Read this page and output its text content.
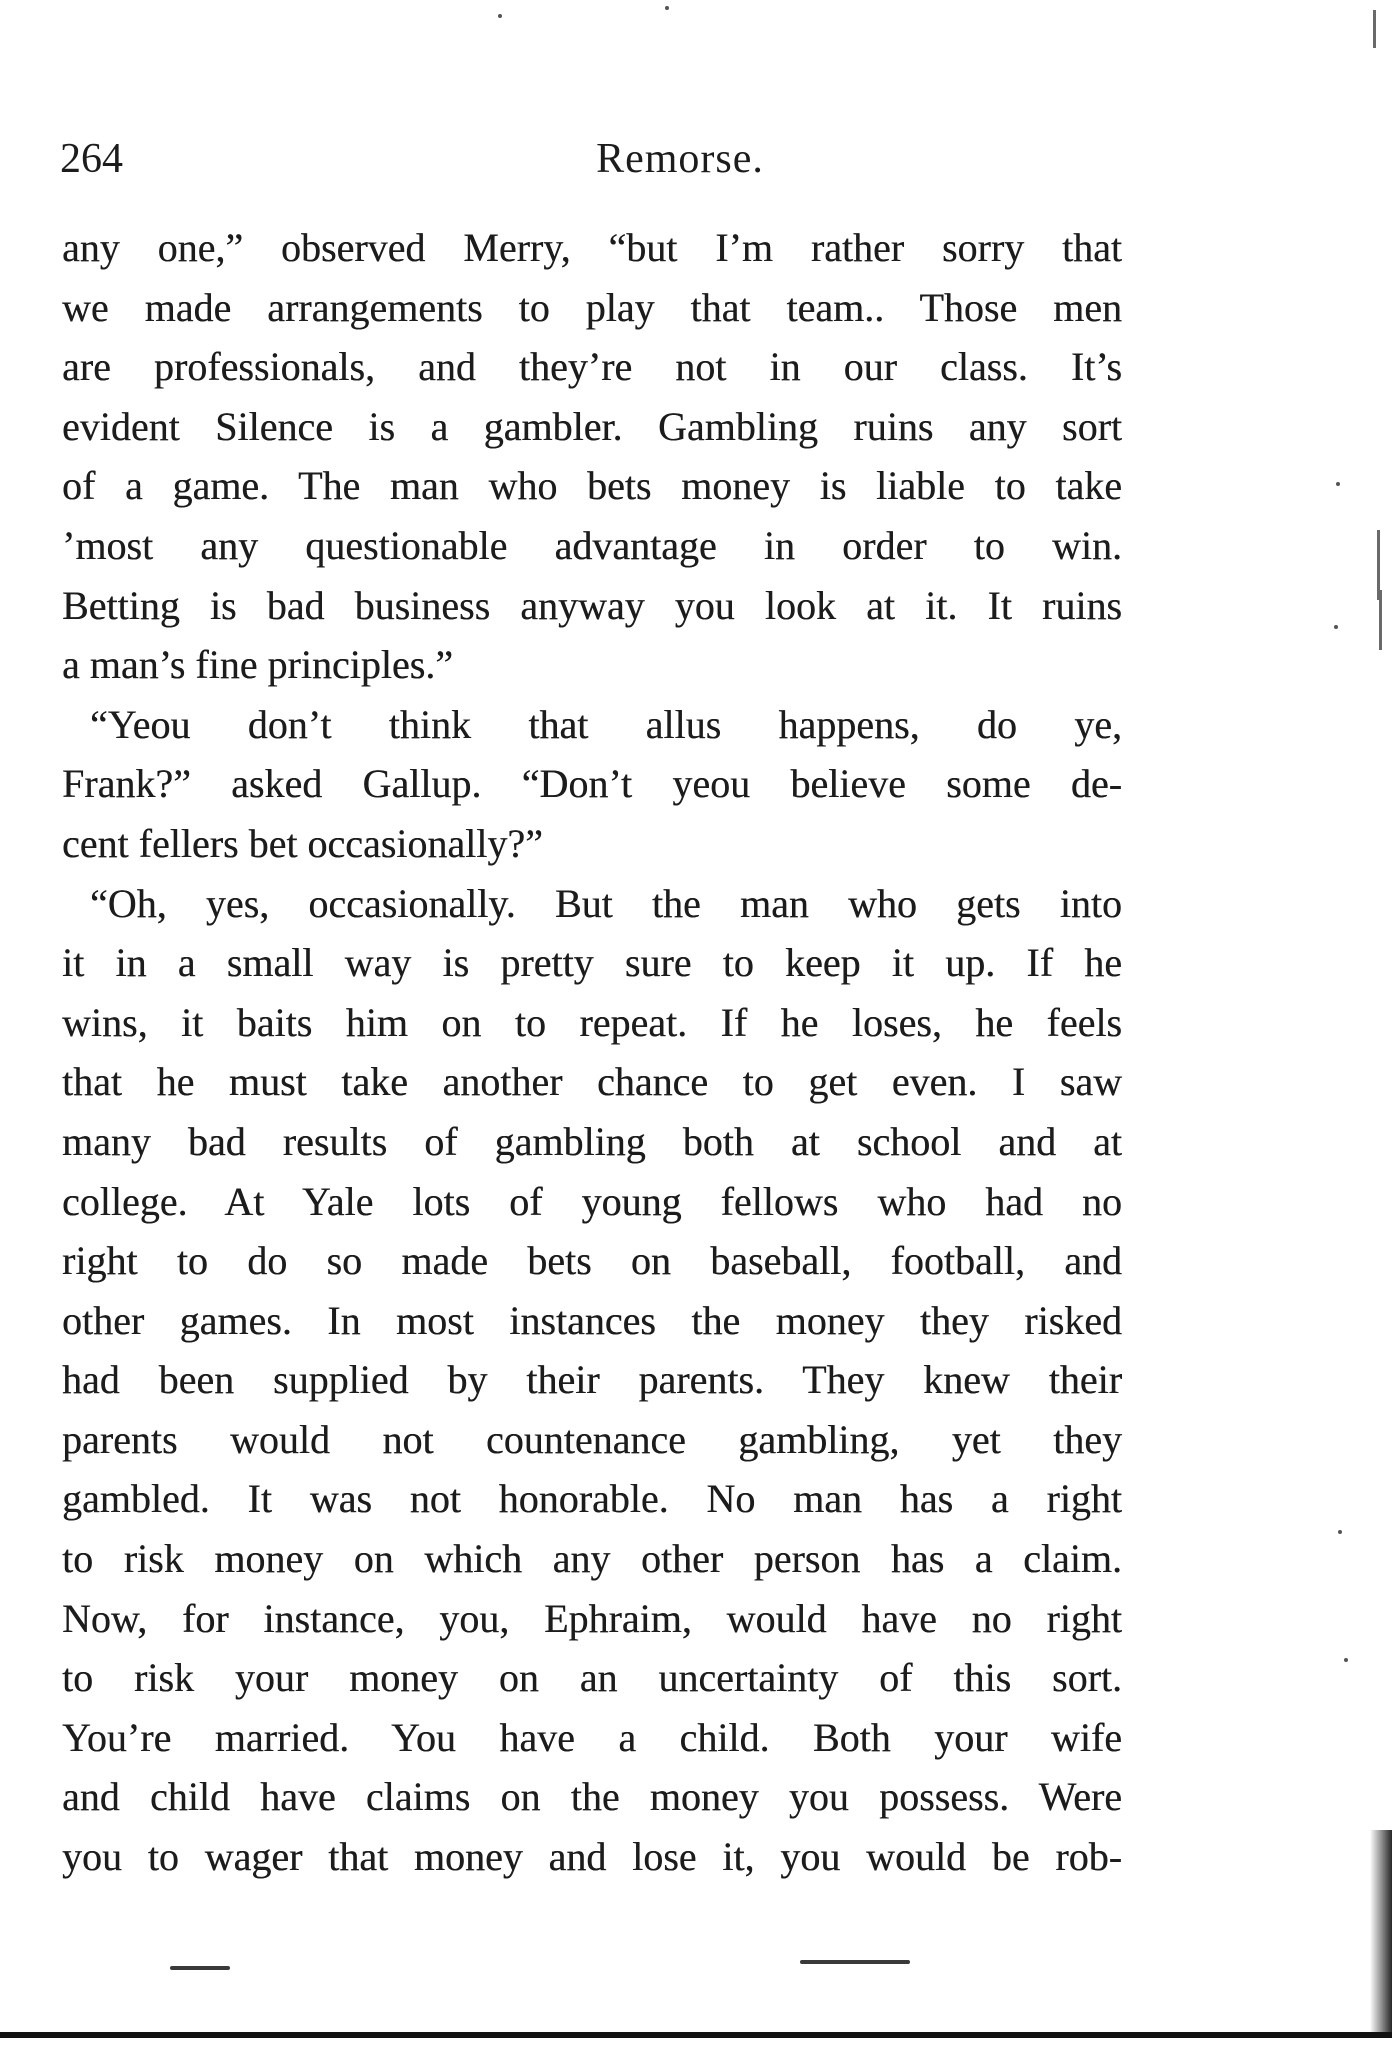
264	Remorse.
any one,” observed Merry, “but I’m rather sorry that
we made arrangements to play that team.. Those men
are professionals, and they’re not in our class. It’s
evident Silence is a gambler. Gambling ruins any sort
of a game. The man who bets money is liable to take
’most any questionable advantage in order to win.
Betting is bad business anyway you look at it. It ruins
a man’s fine principles.”
“Yeou don’t think that allus happens, do ye,
Frank?” asked Gallup. “Don’t yeou believe some de-
cent fellers bet occasionally?”
“Oh, yes, occasionally. But the man who gets into
it in a small way is pretty sure to keep it up. If he
wins, it baits him on to repeat. If he loses, he feels
that he must take another chance to get even. I saw
many bad results of gambling both at school and at
college. At Yale lots of young fellows who had no
right to do so made bets on baseball, football, and
other games. In most instances the money they risked
had been supplied by their parents. They knew their
parents would not countenance gambling, yet they
gambled. It was not honorable. No man has a right
to risk money on which any other person has a claim.
Now, for instance, you, Ephraim, would have no right
to risk your money on an uncertainty of this sort.
You’re married. You have a child. Both your wife
and child have claims on the money you possess. Were
you to wager that money and lose it, you would be rob-
